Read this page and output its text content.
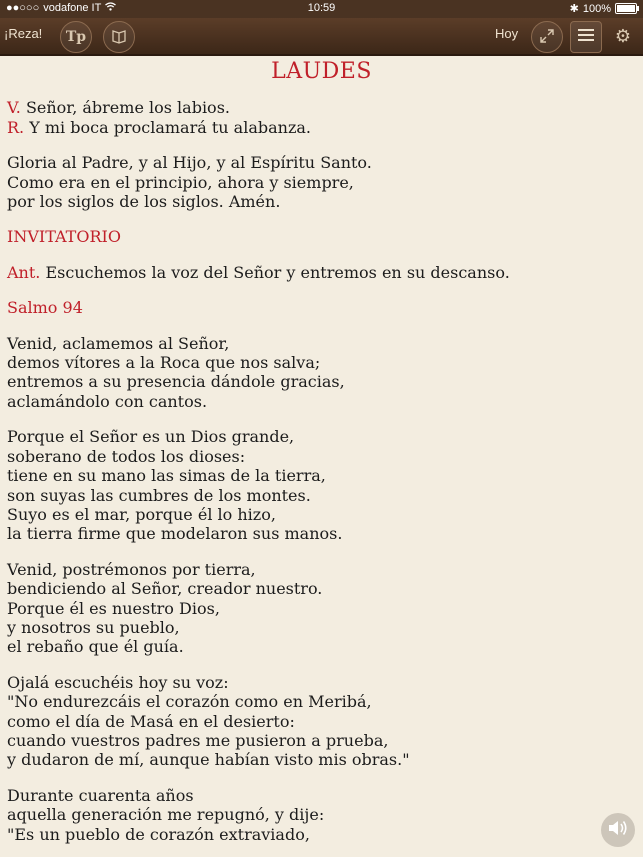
●●○○○ vodafone IT	10:59	✱ 100%
¡Reza! Tp	Hoy	⚙
LAUDES

V. Señor, ábreme los labios.
R. Y mi boca proclamará tu alabanza.

Gloria al Padre, y al Hijo, y al Espíritu Santo.
Como era en el principio, ahora y siempre,
por los siglos de los siglos. Amén.

INVITATORIO

Ant. Escuchemos la voz del Señor y entremos en su descanso.

Salmo 94

Venid, aclamemos al Señor,
demos vítores a la Roca que nos salva;
entremos a su presencia dándole gracias,
aclamándolo con cantos.

Porque el Señor es un Dios grande,
soberano de todos los dioses:
tiene en su mano las simas de la tierra,
son suyas las cumbres de los montes.
Suyo es el mar, porque él lo hizo,
la tierra firme que modelaron sus manos.

Venid, postrémonos por tierra,
bendiciendo al Señor, creador nuestro.
Porque él es nuestro Dios,
y nosotros su pueblo,
el rebaño que él guía.

Ojalá escuchéis hoy su voz:
"No endurezcáis el corazón como en Meribá,
como el día de Masá en el desierto:
cuando vuestros padres me pusieron a prueba,
y dudaron de mí, aunque habían visto mis obras."

Durante cuarenta años
aquella generación me repugnó, y dije:
"Es un pueblo de corazón extraviado,
